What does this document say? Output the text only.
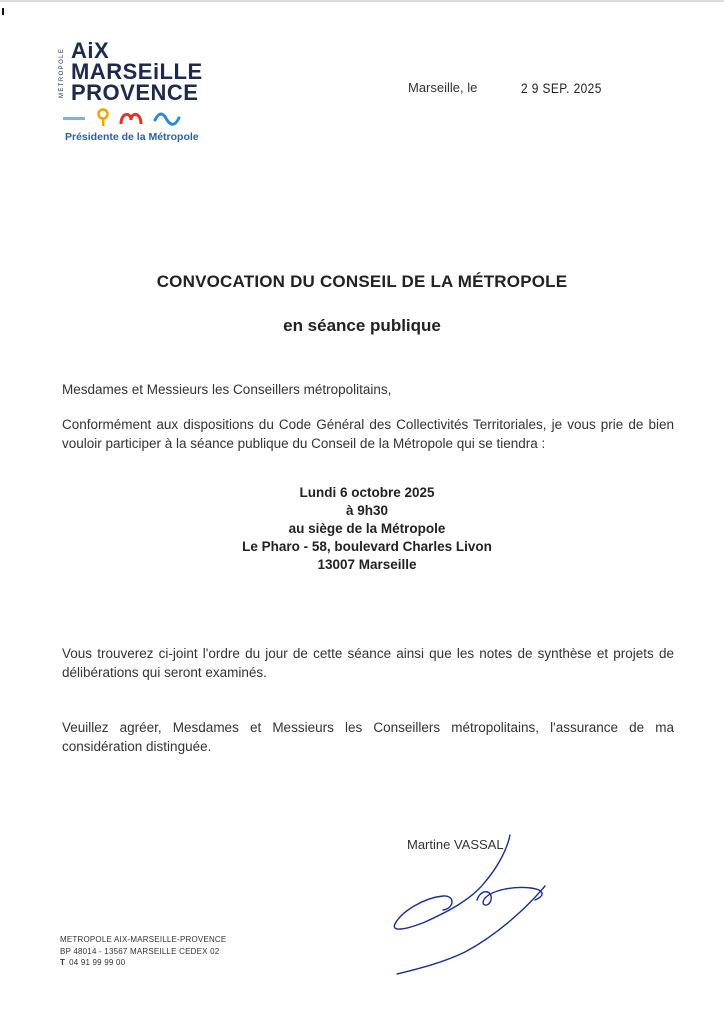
MÉTROPOLE AiX
MARSEiLLE
PROVENCE
Présidente de la Métropole
Marseille, le	2 9 SEP. 2025
CONVOCATION DU CONSEIL DE LA MÉTROPOLE
en séance publique
Mesdames et Messieurs les Conseillers métropolitains,
Conformément aux dispositions du Code Général des Collectivités Territoriales, je vous prie de bien vouloir participer à la séance publique du Conseil de la Métropole qui se tiendra :
Lundi 6 octobre 2025
à 9h30
au siège de la Métropole
Le Pharo - 58, boulevard Charles Livon
13007 Marseille
Vous trouverez ci-joint l'ordre du jour de cette séance ainsi que les notes de synthèse et projets de délibérations qui seront examinés.
Veuillez agréer, Mesdames et Messieurs les Conseillers métropolitains, l'assurance de ma considération distinguée.
Martine VASSAL
METROPOLE AIX-MARSEILLE-PROVENCE
BP 48014 - 13567 MARSEILLE CEDEX 02
T 04 91 99 99 00
